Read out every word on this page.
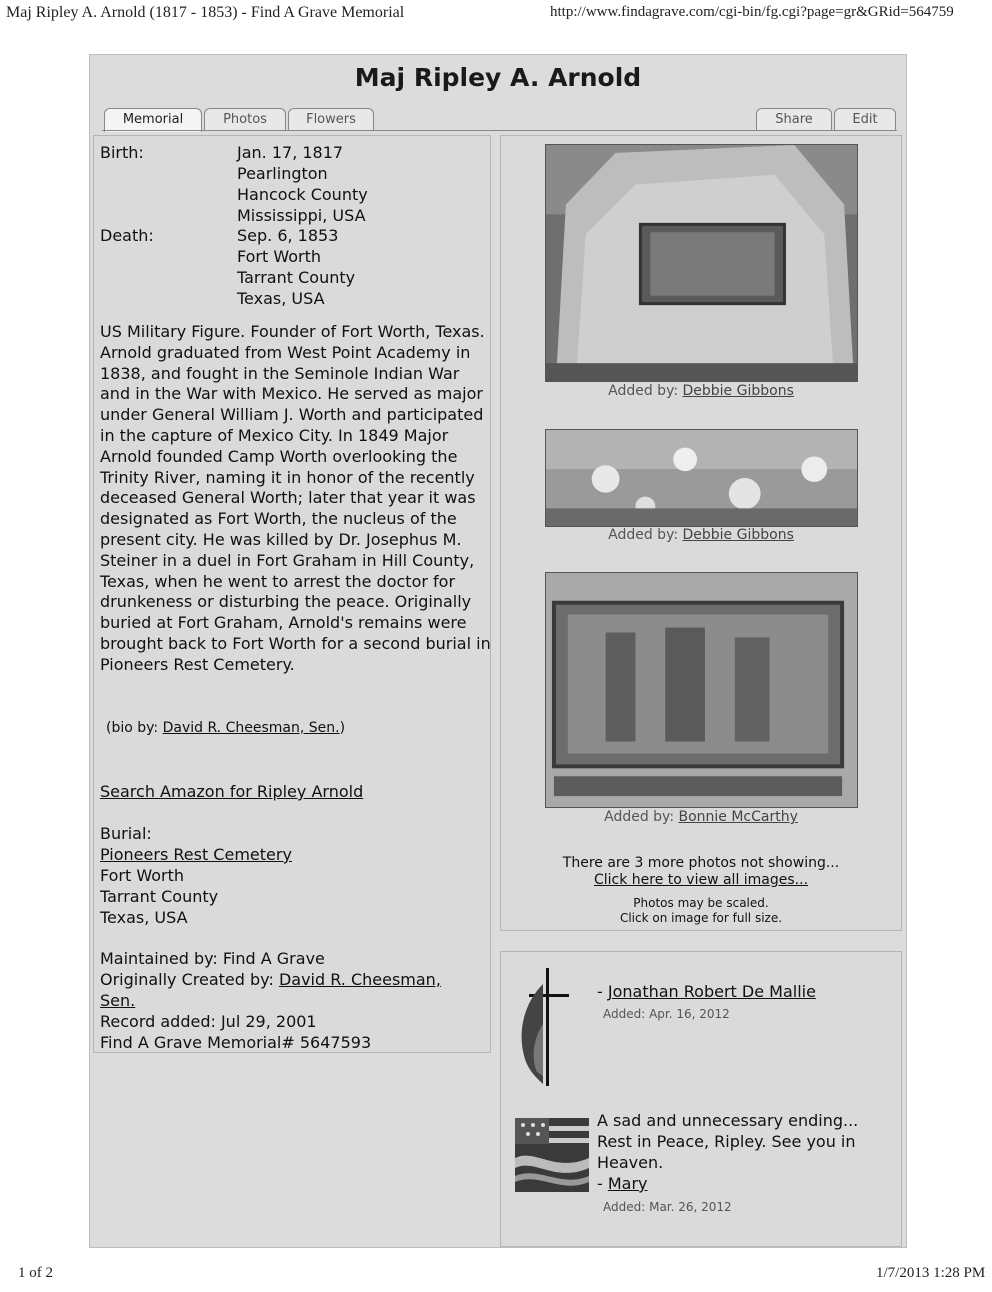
Maj Ripley A. Arnold (1817 - 1853) - Find A Grave Memorial	http://www.findagrave.com/cgi-bin/fg.cgi?page=gr&GRid=564759
Maj Ripley A. Arnold
Memorial	Photos	Flowers	Share	Edit
Birth:	Jan. 17, 1817
Pearlington
Hancock County
Mississippi, USA
Death:	Sep. 6, 1853
Fort Worth
Tarrant County
Texas, USA
US Military Figure. Founder of Fort Worth, Texas. Arnold graduated from West Point Academy in 1838, and fought in the Seminole Indian War and in the War with Mexico. He served as major under General William J. Worth and participated in the capture of Mexico City. In 1849 Major Arnold founded Camp Worth overlooking the Trinity River, naming it in honor of the recently deceased General Worth; later that year it was designated as Fort Worth, the nucleus of the present city. He was killed by Dr. Josephus M. Steiner in a duel in Fort Graham in Hill County, Texas, when he went to arrest the doctor for drunkeness or disturbing the peace. Originally buried at Fort Graham, Arnold's remains were brought back to Fort Worth for a second burial in Pioneers Rest Cemetery.
(bio by: David R. Cheesman, Sen.)
Search Amazon for Ripley Arnold
Burial:
Pioneers Rest Cemetery
Fort Worth
Tarrant County
Texas, USA
Maintained by: Find A Grave
Originally Created by: David R. Cheesman, Sen.
Record added: Jul 29, 2001
Find A Grave Memorial# 5647593
Added by: Debbie Gibbons
Added by: Debbie Gibbons
Added by: Bonnie McCarthy
There are 3 more photos not showing...
Click here to view all images...
Photos may be scaled.
Click on image for full size.
- Jonathan Robert De Mallie
Added: Apr. 16, 2012
A sad and unnecessary ending... Rest in Peace, Ripley. See you in Heaven.
- Mary
Added: Mar. 26, 2012
1 of 2	1/7/2013 1:28 PM
